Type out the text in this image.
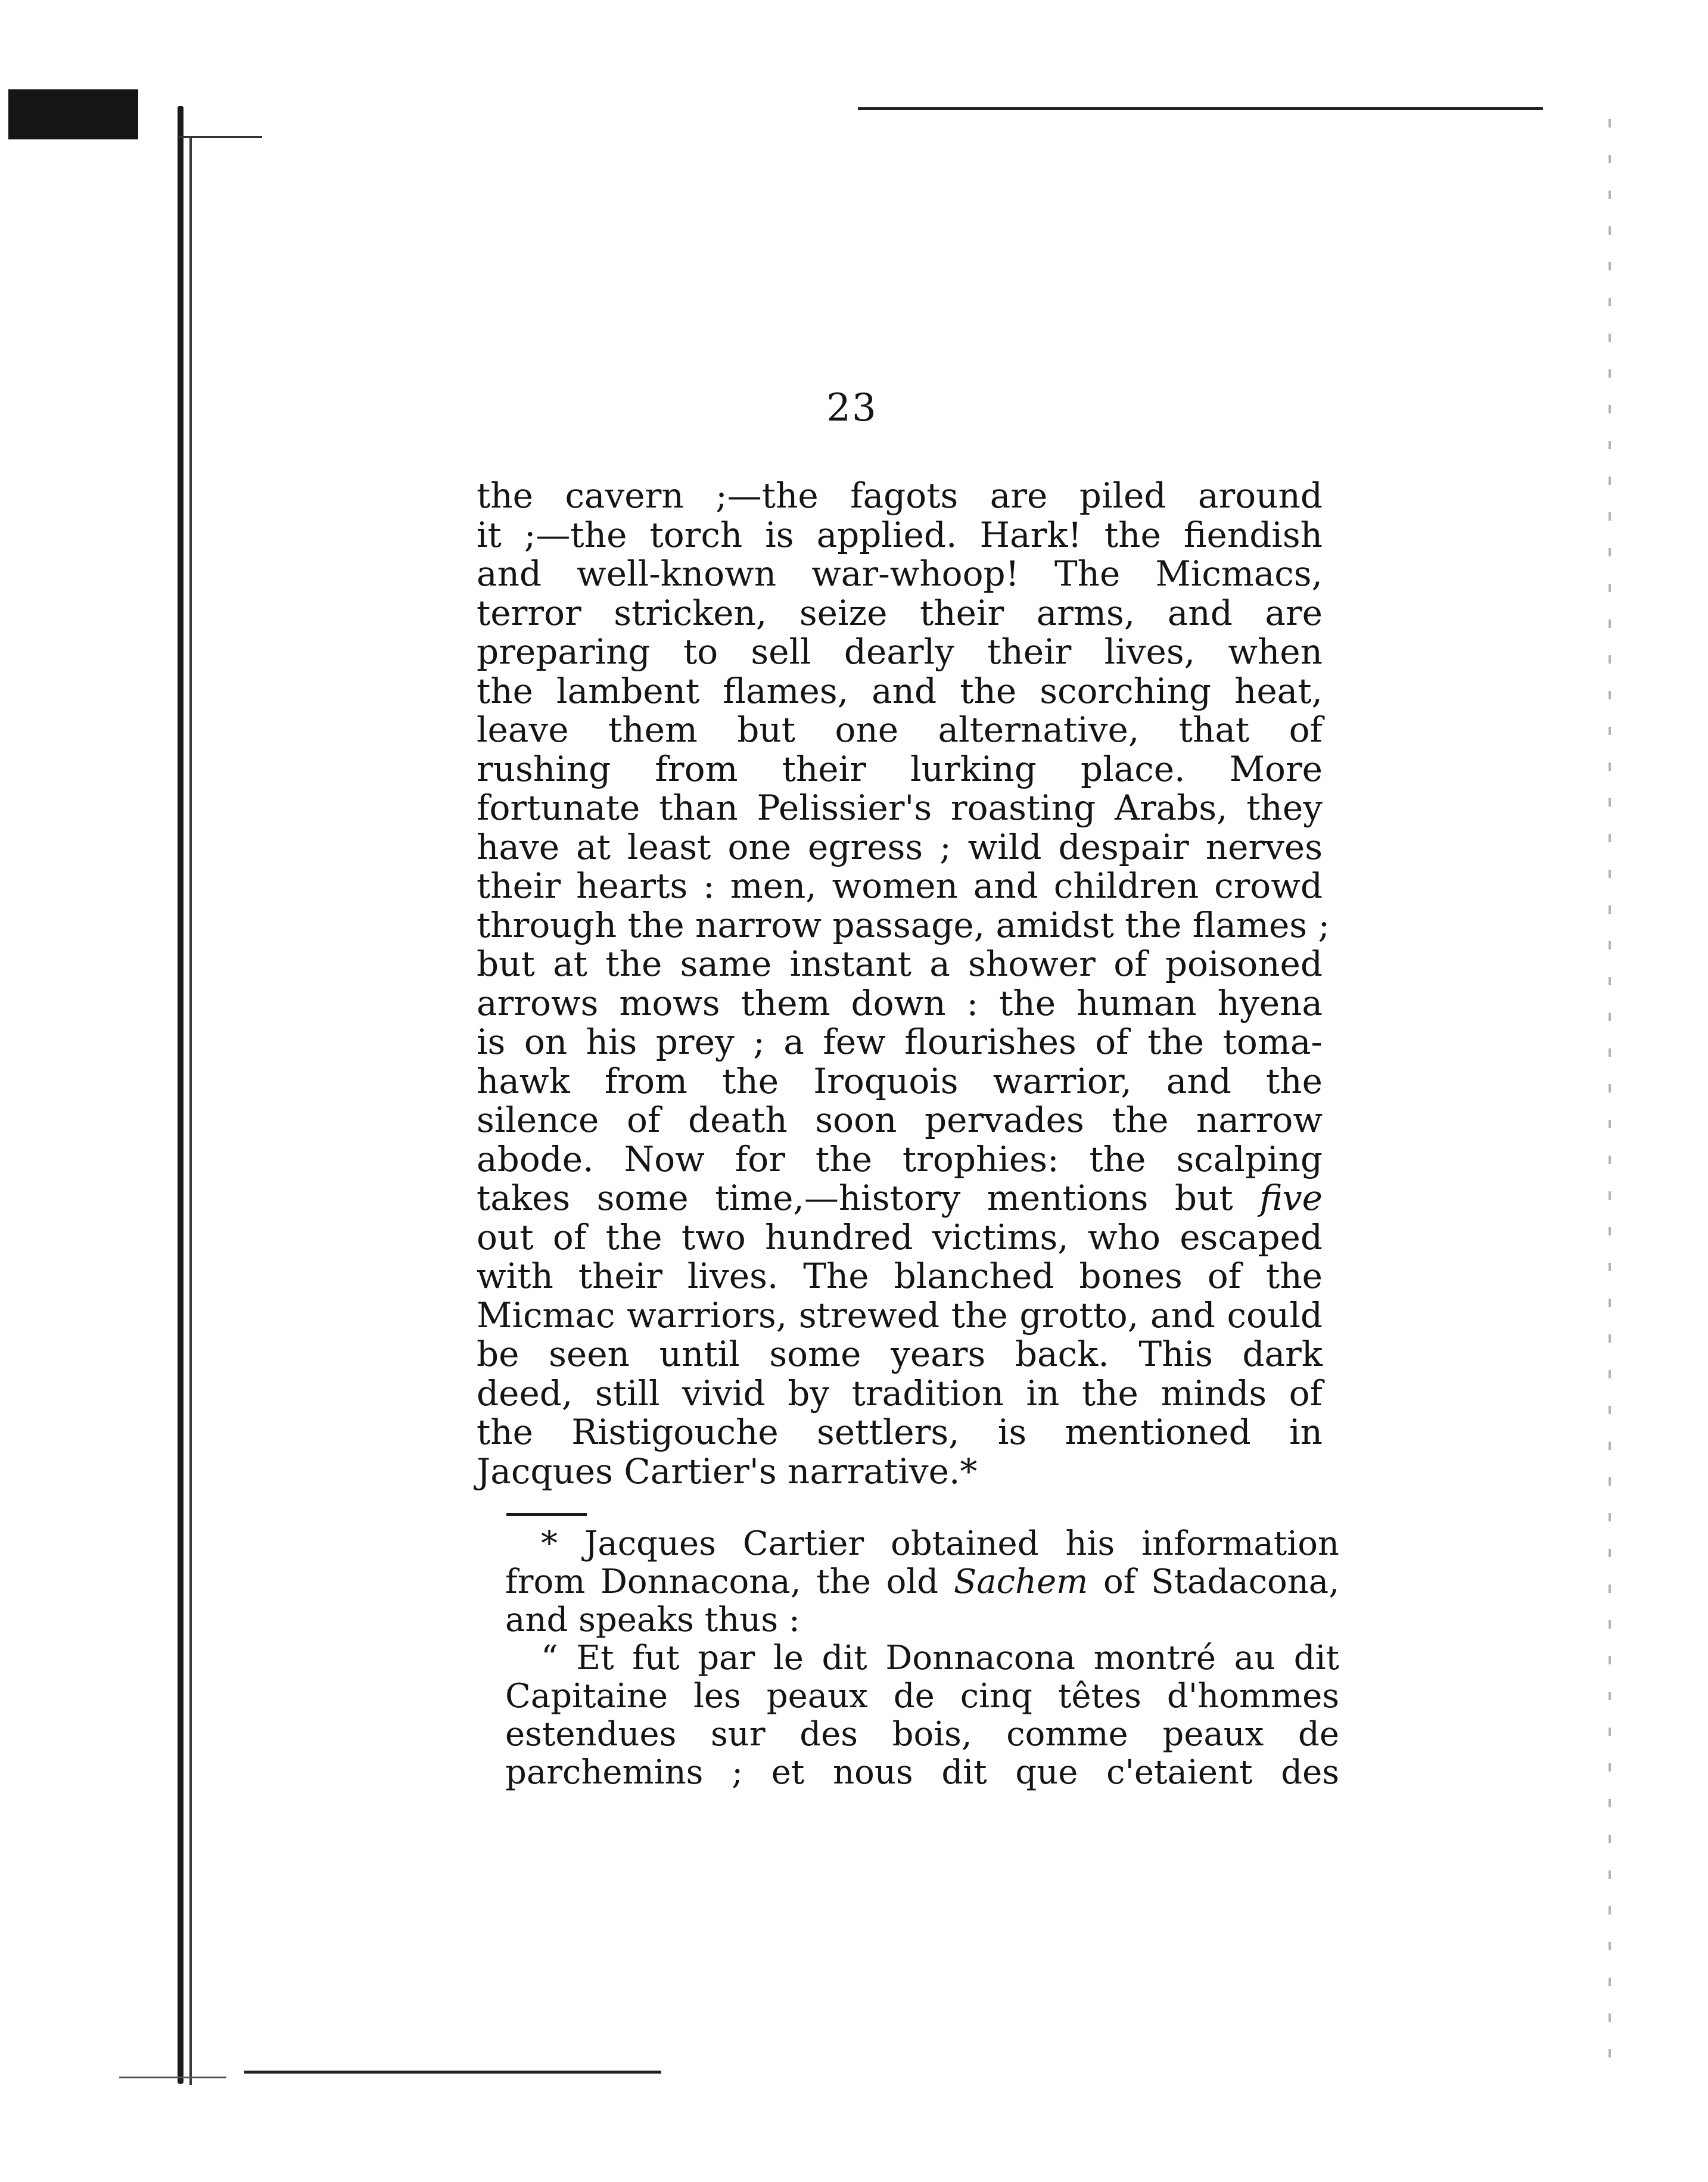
23
the cavern ;—the fagots are piled around
it ;—the torch is applied. Hark! the fiendish
and well-known war-whoop! The Micmacs,
terror stricken, seize their arms, and are
preparing to sell dearly their lives, when
the lambent flames, and the scorching heat,
leave them but one alternative, that of
rushing from their lurking place. More
fortunate than Pelissier's roasting Arabs, they
have at least one egress ; wild despair nerves
their hearts : men, women and children crowd
through the narrow passage, amidst the flames ;
but at the same instant a shower of poisoned
arrows mows them down : the human hyena
is on his prey ; a few flourishes of the toma-
hawk from the Iroquois warrior, and the
silence of death soon pervades the narrow
abode. Now for the trophies: the scalping
takes some time,—history mentions but five
out of the two hundred victims, who escaped
with their lives. The blanched bones of the
Micmac warriors, strewed the grotto, and could
be seen until some years back. This dark
deed, still vivid by tradition in the minds of
the Ristigouche settlers, is mentioned in
Jacques Cartier's narrative.*
* Jacques Cartier obtained his information
from Donnacona, the old Sachem of Stadacona,
and speaks thus :
“ Et fut par le dit Donnacona montré au dit
Capitaine les peaux de cinq têtes d'hommes
estendues sur des bois, comme peaux de
parchemins ; et nous dit que c'etaient des
